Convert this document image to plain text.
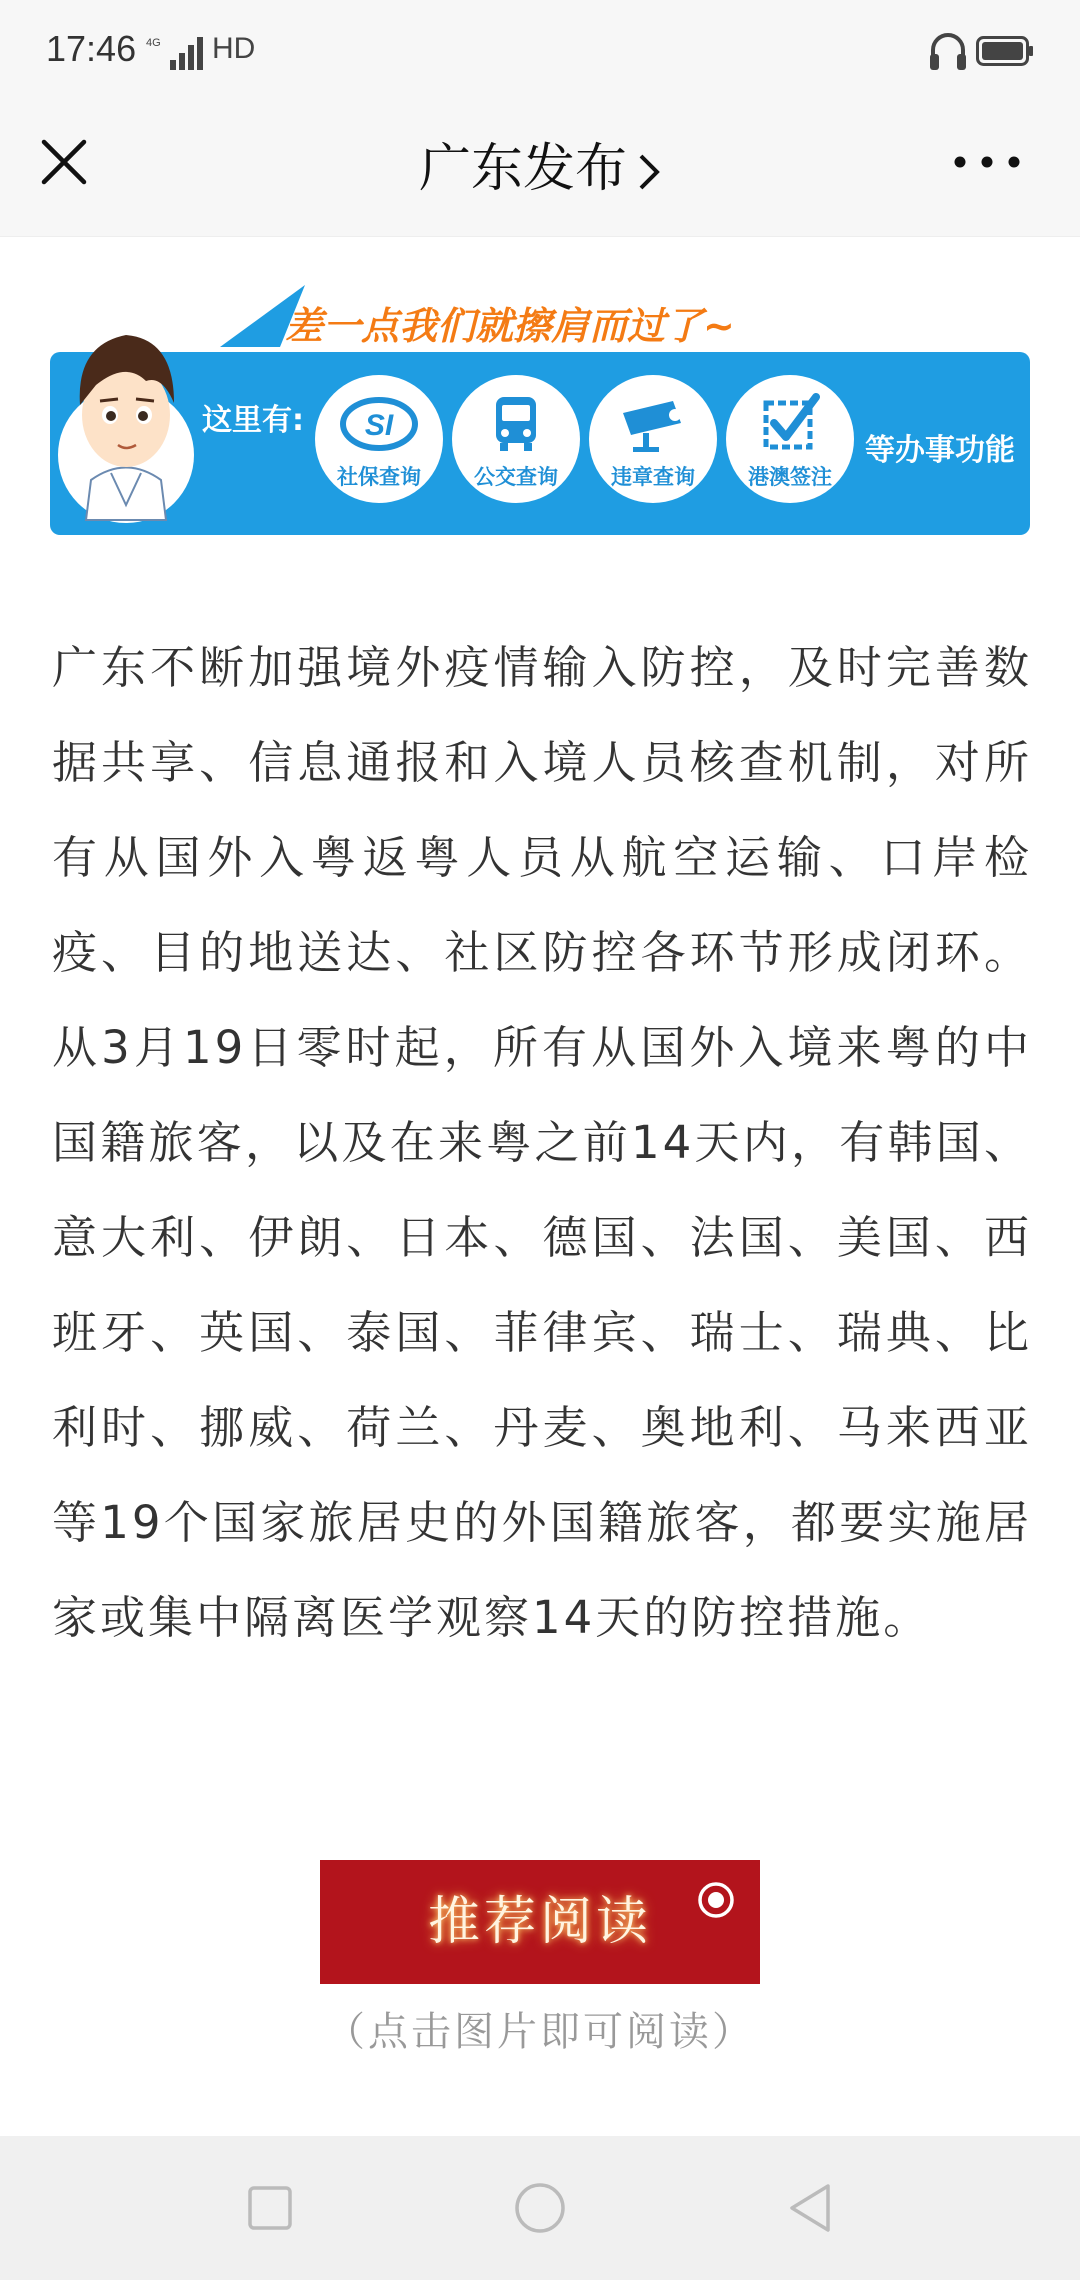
17:46 4G HD
广东发布
差一点我们就擦肩而过了~
这里有: SI
社保查询	公交查询	违章查询	港澳签注
等办事功能
广东不断加强境外疫情输入防控，及时完善数据共享、信息通报和入境人员核查机制，对所有从国外入粤返粤人员从航空运输、口岸检疫、目的地送达、社区防控各环节形成闭环。从3月19日零时起，所有从国外入境来粤的中国籍旅客，以及在来粤之前14天内，有韩国、意大利、伊朗、日本、德国、法国、美国、西班牙、英国、泰国、菲律宾、瑞士、瑞典、比利时、挪威、荷兰、丹麦、奥地利、马来西亚等19个国家旅居史的外国籍旅客，都要实施居家或集中隔离医学观察14天的防控措施。
推荐阅读
（点击图片即可阅读）
